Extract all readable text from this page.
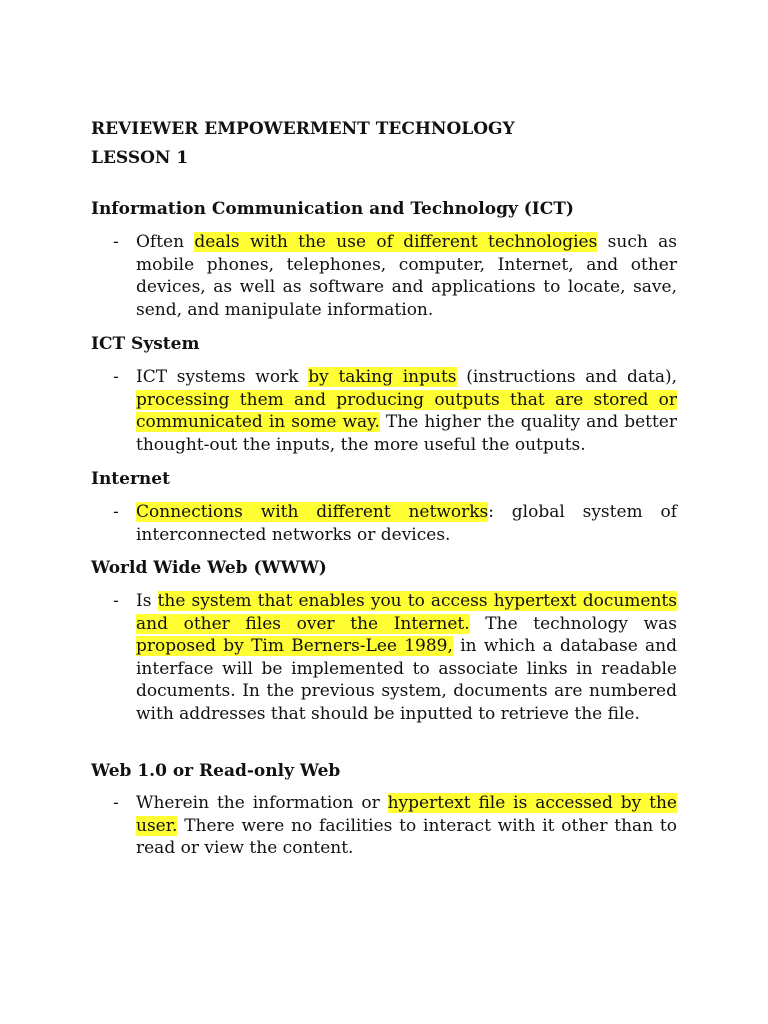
REVIEWER EMPOWERMENT TECHNOLOGY
LESSON 1
Information Communication and Technology (ICT)
- Often deals with the use of different technologies such as mobile phones, telephones, computer, Internet, and other devices, as well as software and applications to locate, save, send, and manipulate information.
ICT System
- ICT systems work by taking inputs (instructions and data), processing them and producing outputs that are stored or communicated in some way. The higher the quality and better thought-out the inputs, the more useful the outputs.
Internet
- Connections with different networks: global system of interconnected networks or devices.
World Wide Web (WWW)
- Is the system that enables you to access hypertext documents and other files over the Internet. The technology was proposed by Tim Berners-Lee 1989, in which a database and interface will be implemented to associate links in readable documents. In the previous system, documents are numbered with addresses that should be inputted to retrieve the file.
Web 1.0 or Read-only Web
- Wherein the information or hypertext file is accessed by the user. There were no facilities to interact with it other than to read or view the content.
